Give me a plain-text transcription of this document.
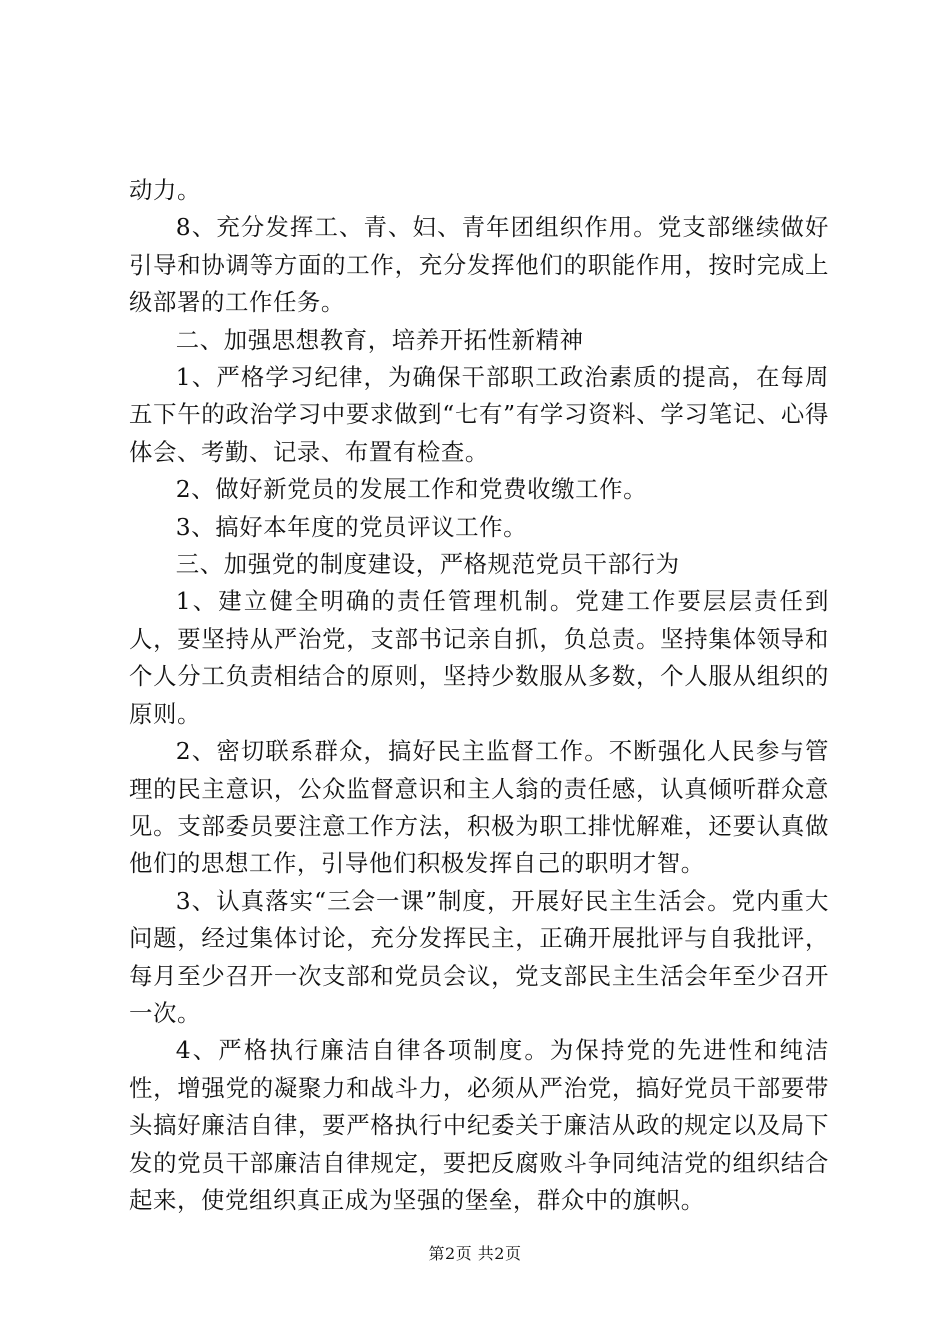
动力。

8、充分发挥工、青、妇、青年团组织作用。党支部继续做好引导和协调等方面的工作，充分发挥他们的职能作用，按时完成上级部署的工作任务。

二、加强思想教育，培养开拓性新精神

1、严格学习纪律，为确保干部职工政治素质的提高，在每周五下午的政治学习中要求做到“七有”有学习资料、学习笔记、心得体会、考勤、记录、布置有检查。

2、做好新党员的发展工作和党费收缴工作。

3、搞好本年度的党员评议工作。

三、加强党的制度建设，严格规范党员干部行为

1、建立健全明确的责任管理机制。党建工作要层层责任到人，要坚持从严治党，支部书记亲自抓，负总责。坚持集体领导和个人分工负责相结合的原则，坚持少数服从多数，个人服从组织的原则。

2、密切联系群众，搞好民主监督工作。不断强化人民参与管理的民主意识，公众监督意识和主人翁的责任感，认真倾听群众意见。支部委员要注意工作方法，积极为职工排忧解难，还要认真做他们的思想工作，引导他们积极发挥自己的职明才智。

3、认真落实“三会一课”制度，开展好民主生活会。党内重大问题，经过集体讨论，充分发挥民主，正确开展批评与自我批评，每月至少召开一次支部和党员会议，党支部民主生活会年至少召开一次。

4、严格执行廉洁自律各项制度。为保持党的先进性和纯洁性，增强党的凝聚力和战斗力，必须从严治党，搞好党员干部要带头搞好廉洁自律，要严格执行中纪委关于廉洁从政的规定以及局下发的党员干部廉洁自律规定，要把反腐败斗争同纯洁党的组织结合起来，使党组织真正成为坚强的堡垒，群众中的旗帜。

第2页 共2页
